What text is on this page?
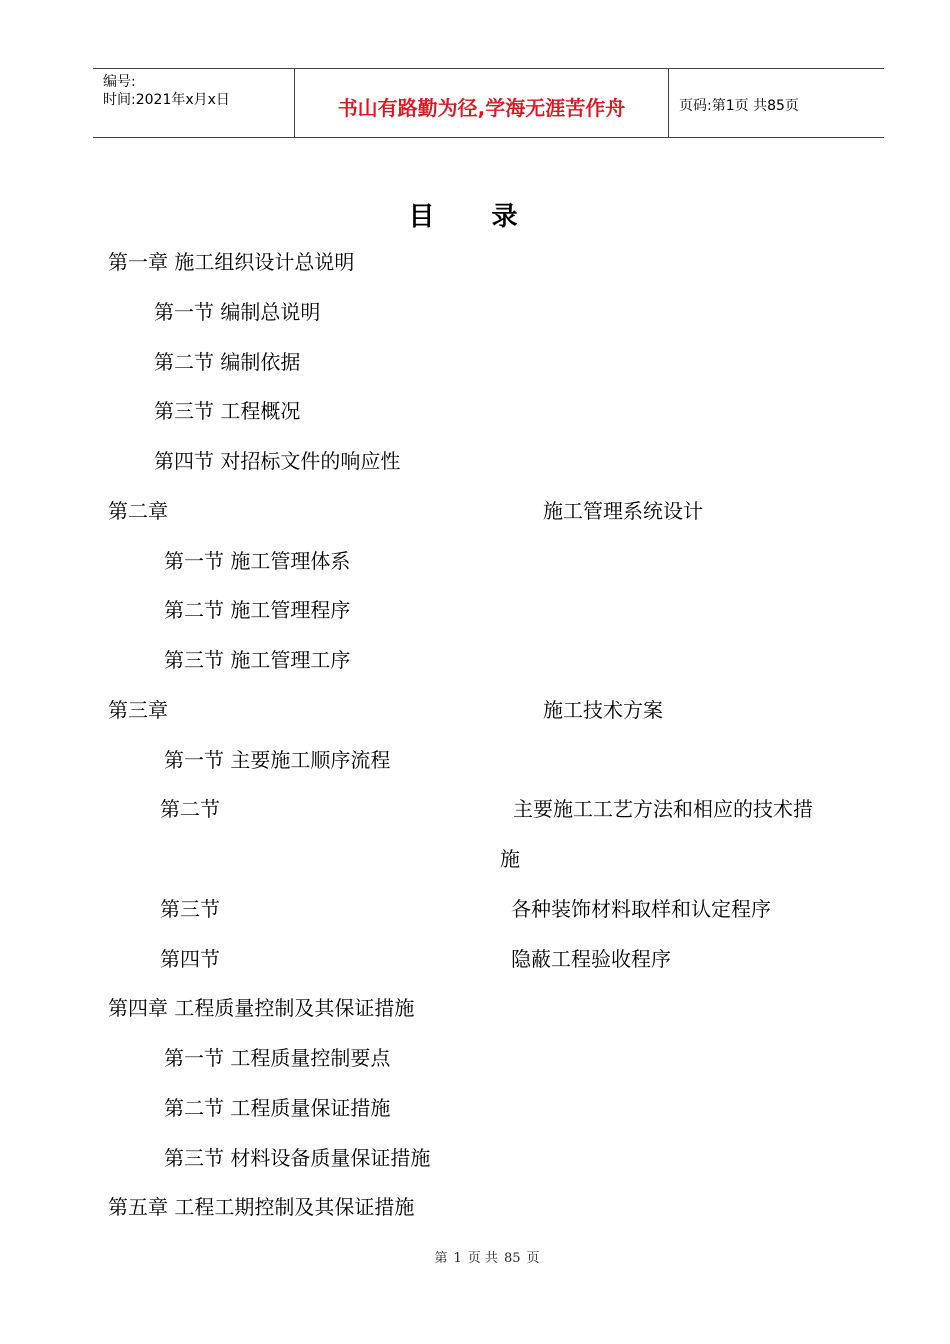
编号:
时间:2021年x月x日	书山有路勤为径,学海无涯苦作舟	页码:第1页 共85页
目 录
第一章 施工组织设计总说明
第一节 编制总说明
第二节 编制依据
第三节 工程概况
第四节 对招标文件的响应性
第二章	施工管理系统设计
第一节 施工管理体系
第二节 施工管理程序
第三节 施工管理工序
第三章	施工技术方案
第一节 主要施工顺序流程
第二节	主要施工工艺方法和相应的技术措
施
第三节	各种装饰材料取样和认定程序
第四节	隐蔽工程验收程序
第四章 工程质量控制及其保证措施
第一节 工程质量控制要点
第二节 工程质量保证措施
第三节 材料设备质量保证措施
第五章 工程工期控制及其保证措施
第 1 页 共 85 页
